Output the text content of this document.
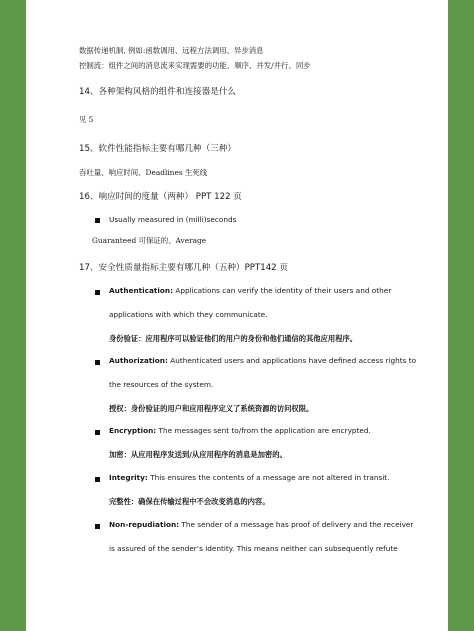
数据传递机制, 例如:函数调用、远程方法调用、异步消息
控制流：组件之间的消息流来实现需要的功能、顺序、并发/并行、同步
14、各种架构风格的组件和连接器是什么
见 5
15、软件性能指标主要有哪几种（三种）
吞吐量、响应时间、Deadlines 生死线
16、响应时间的度量（两种） PPT 122 页
Usually measured in (milli)seconds
Guaranteed 可保证的、Average
17、安全性质量指标主要有哪几种（五种）PPT142 页
Authentication: Applications can verify the identity of their users and other
applications with which they communicate.
身份验证：应用程序可以验证他们的用户的身份和他们通信的其他应用程序。
Authorization: Authenticated users and applications have defined access rights to
the resources of the system.
授权：身份验证的用户和应用程序定义了系统资源的访问权限。
Encryption: The messages sent to/from the application are encrypted.
加密：从应用程序发送到/从应用程序的消息是加密的。
Integrity: This ensures the contents of a message are not altered in transit.
完整性：确保在传输过程中不会改变消息的内容。
Non-repudiation: The sender of a message has proof of delivery and the receiver
is assured of the sender’s identity. This means neither can subsequently refute
